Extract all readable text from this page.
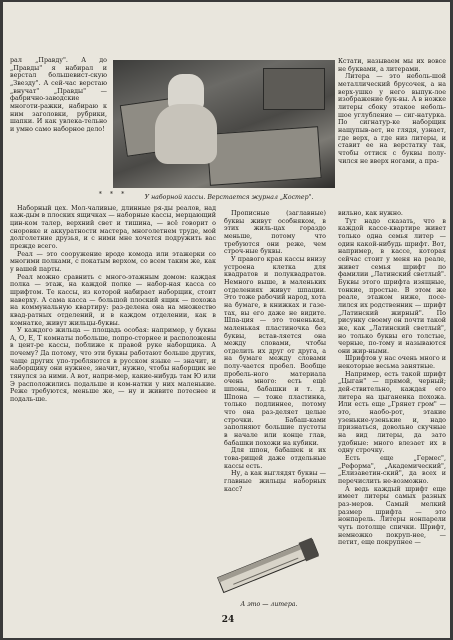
рал „Правду". А до „Правды" я набирал и верстал большевист-скую „Звезду". А сей-час верстаю „внучат" „Правды" — фабрично-заводские многоти-ражки, набираю к ним заголовки, рубрики, шапки. И как увлека-тельно и умно само наборное дело!

У наборной кассы. Верстается журнал „Костер".

* * *

Наборный цех. Мол-чаливые, длинные ря-ды реалов, над каж-дым в плоских ящичках — наборные кассы, мерцающий цин-ком талер, верхний свет и тишина, — всё говорит о сноровке и аккуратности мастера, многолетнем труде, мой долголетние друзья, и с ними мне хочется подружить вас прежде всего.

Реал — это сооружение вроде комода или этажерки со многими полками, с покатым верхом, со всем таким же, как у вашей парты.

Реал можно сравнить с много-этажным домом: каждая полка — этаж, на каждой полке — набор-ная касса со шрифтом. Те кассы, из которой набирает наборщик, стоит наверху. А сама касса — большой плоский ящик — похожа на коммунальную квартиру: раз-делена она на множество квад-ратных отделений, и в каждом отделении, как в комнатке, живут жильцы-буквы.

У каждого жильца — площадь особая: например, у буквы А, О, Е, Т комнаты побольше, попро-сторнее и расположены в цент-ре кассы, поближе к правой руке наборщика. А почему? Да потому, что эти буквы работают больше других, чаще других упо-требляются в русском языке — значит, и наборщику они нужнее, значит, нужно, чтобы наборщик не тянулся за ними. А вот, напри-мер, какие-нибудь там Ю или Э расположились подальше и ком-натки у них маленькие. Реже требуются, меньше же, — ну и живите потеснее и подаль-ше.

Прописные (заглавные) буквы живут особняком, в этих жиль-цах гораздо меньше, потому что требуются они реже, чем строч-ные буквы.

У правого края кассы внизу устроена клетка для квадратов и полуквадратов. Немного выше, в маленьких отделениях живут шпации. Это тоже рабочий народ, хота на бумаге, в книжках и газе-тах, вы его даже не видите. Шпа-ция — это тоненькая, маленькая пластиночка без буквы, встав-ляется она между словами, чтобы отделить их друг от друга, а на бумаге между словами полу-чается пробел. Вообще пробель-ного материала очень много: есть ещё шпоны, бабашки и т. д. Шпона — тоже пластинка, только подлиннее, потому что она раз-деляет целые строчки. Бабаш-ками заполняют большие пустоты в начале или конце глав, бабашки похожи на кубики.

Для шпон, бабашек и их това-рищей даже отдельные кассы есть.

Ну, а как выглядят буквы — главные жильцы наборных касс?

А это — литера.

Кстати, называем мы их вовсе не буквами, а литерами.

Литера — это неболь-шой металлический брусочек, а на верх-ушко у него выпук-лое изображение бук-вы. А в ножке литеры сбоку этакое неболь-шое углубление — сиг-натурка. По сигнатур-ке наборщик нащупыв-ает, не глядя, узнает, где верх, а где низ литеры, и ставит ее на верстатку так, чтобы оттиск с буквы полу-чился не вверх ногами, а пра-

вильно, как нужно.

Тут надо сказать, что в каждой кассе-квартире живет только одна семья литер — один какой-нибудь шрифт. Вот, например, в кассе, которая сейчас стоит у меня на реале, живет семья шрифт по фамилии „Латинский светлый". Буквы этого шрифта изящные, тонкие, простые. В этом же реале, этажом ниже, посе-лился их родственник — шрифт „Латинский жирный". По рисунку своему он почти такой же, как „Латинский светлый", но только буквы его толстые, черные, по-тому и называются они жир-ными.

Шрифтов у нас очень много и некоторые весьма занятные.

Например, есть такой шрифт „Цыган" — прямой, черный; дей-ствительно, каждая его литера на цыганенка похожа. Или есть еще „Грянет гром" — это, наобо-рот, этакие узенькие-узенькие и, надо признаться, довольно скучные на вид литеры, да зато удобные: много влезает их в одну строчку.

Есть еще „Гермес", „Реформа", „Академический", „Елизаветин-ский", да всех и перечислить не-возможно.

А ведь каждый шрифт еще имеет литеры самых разных раз-меров. Самый мелкий размер шрифта — это нонпарель. Литеры нонпарели чуть потолще спички. Шрифт, немножко покруп-нее, — петит, еще покрупнее —

24
